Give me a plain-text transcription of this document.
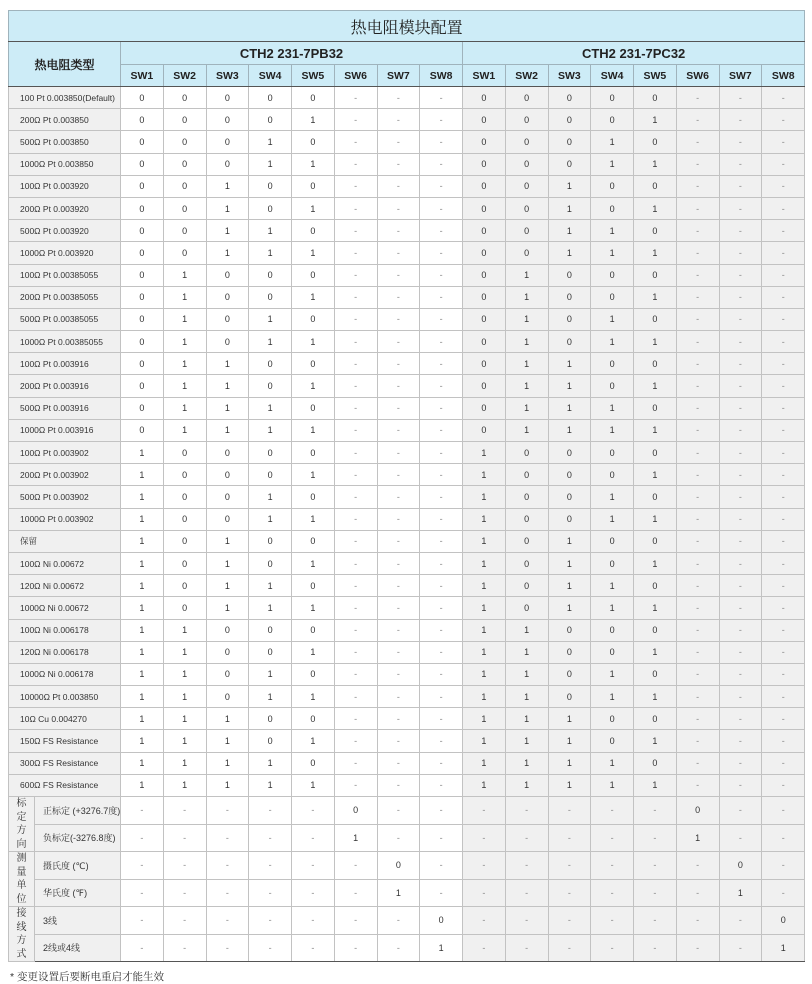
热电阻模块配置																	
热电阻类型		CTH2 231-7PB32								CTH2 231-7PC32							
		SW1	SW2	SW3	SW4	SW5	SW6	SW7	SW8	SW1	SW2	SW3	SW4	SW5	SW6	SW7	SW8
100 Pt 0.003850(Default)		0	0	0	0	0	-	-	-	0	0	0	0	0	-	-	-
200Ω Pt 0.003850		0	0	0	0	1	-	-	-	0	0	0	0	1	-	-	-
500Ω Pt 0.003850		0	0	0	1	0	-	-	-	0	0	0	1	0	-	-	-
1000Ω Pt 0.003850		0	0	0	1	1	-	-	-	0	0	0	1	1	-	-	-
100Ω Pt 0.003920		0	0	1	0	0	-	-	-	0	0	1	0	0	-	-	-
200Ω Pt 0.003920		0	0	1	0	1	-	-	-	0	0	1	0	1	-	-	-
500Ω Pt 0.003920		0	0	1	1	0	-	-	-	0	0	1	1	0	-	-	-
1000Ω Pt 0.003920		0	0	1	1	1	-	-	-	0	0	1	1	1	-	-	-
100Ω Pt 0.00385055		0	1	0	0	0	-	-	-	0	1	0	0	0	-	-	-
200Ω Pt 0.00385055		0	1	0	0	1	-	-	-	0	1	0	0	1	-	-	-
500Ω Pt 0.00385055		0	1	0	1	0	-	-	-	0	1	0	1	0	-	-	-
1000Ω Pt 0.00385055		0	1	0	1	1	-	-	-	0	1	0	1	1	-	-	-
100Ω Pt 0.003916		0	1	1	0	0	-	-	-	0	1	1	0	0	-	-	-
200Ω Pt 0.003916		0	1	1	0	1	-	-	-	0	1	1	0	1	-	-	-
500Ω Pt 0.003916		0	1	1	1	0	-	-	-	0	1	1	1	0	-	-	-
1000Ω Pt 0.003916		0	1	1	1	1	-	-	-	0	1	1	1	1	-	-	-
100Ω Pt 0.003902		1	0	0	0	0	-	-	-	1	0	0	0	0	-	-	-
200Ω Pt 0.003902		1	0	0	0	1	-	-	-	1	0	0	0	1	-	-	-
500Ω Pt 0.003902		1	0	0	1	0	-	-	-	1	0	0	1	0	-	-	-
1000Ω Pt 0.003902		1	0	0	1	1	-	-	-	1	0	0	1	1	-	-	-
保留		1	0	1	0	0	-	-	-	1	0	1	0	0	-	-	-
100Ω Ni 0.00672		1	0	1	0	1	-	-	-	1	0	1	0	1	-	-	-
120Ω Ni 0.00672		1	0	1	1	0	-	-	-	1	0	1	1	0	-	-	-
1000Ω Ni 0.00672		1	0	1	1	1	-	-	-	1	0	1	1	1	-	-	-
100Ω Ni 0.006178		1	1	0	0	0	-	-	-	1	1	0	0	0	-	-	-
120Ω Ni 0.006178		1	1	0	0	1	-	-	-	1	1	0	0	1	-	-	-
1000Ω Ni 0.006178		1	1	0	1	0	-	-	-	1	1	0	1	0	-	-	-
10000Ω Pt 0.003850		1	1	0	1	1	-	-	-	1	1	0	1	1	-	-	-
10Ω Cu 0.004270		1	1	1	0	0	-	-	-	1	1	1	0	0	-	-	-
150Ω FS Resistance		1	1	1	0	1	-	-	-	1	1	1	0	1	-	-	-
300Ω FS Resistance		1	1	1	1	0	-	-	-	1	1	1	1	0	-	-	-
600Ω FS Resistance		1	1	1	1	1	-	-	-	1	1	1	1	1	-	-	-
标定方向	正标定 (+3276.7度)	-	-	-	-	-	0	-	-	-	-	-	-	-	0	-	-
	负标定(-3276.8度)	-	-	-	-	-	1	-	-	-	-	-	-	-	1	-	-
测量单位	摄氏度 (℃)	-	-	-	-	-	-	0	-	-	-	-	-	-	-	0	-
	华氏度 (℉)	-	-	-	-	-	-	1	-	-	-	-	-	-	-	1	-
接线方式	3线	-	-	-	-	-	-	-	0	-	-	-	-	-	-	-	0
	2线或4线	-	-	-	-	-	-	-	1	-	-	-	-	-	-	-	1
* 变更设置后要断电重启才能生效
